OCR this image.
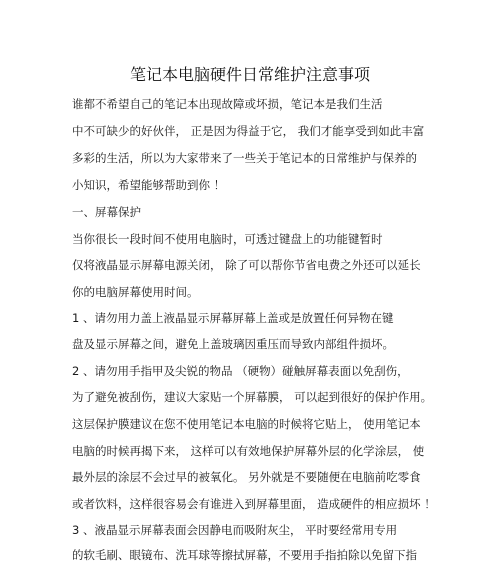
笔记本电脑硬件日常维护注意事项
谁都不希望自己的笔记本出现故障或坏损，笔记本是我们生活
中不可缺少的好伙伴， 正是因为得益于它， 我们才能享受到如此丰富
多彩的生活，所以为大家带来了一些关于笔记本的日常维护与保养的
小知识，希望能够帮助到你 ！
一、屏幕保护
当你很长一段时间不使用电脑时，可透过键盘上的功能键暂时
仅将液晶显示屏幕电源关闭， 除了可以帮你节省电费之外还可以延长
你的电脑屏幕使用时间。
1 、请勿用力盖上液晶显示屏幕屏幕上盖或是放置任何异物在键
盘及显示屏幕之间，避免上盖玻璃因重压而导致内部组件损坏。
2 、请勿用手指甲及尖锐的物品 （硬物）碰触屏幕表面以免刮伤，
为了避免被刮伤，建议大家贴一个屏幕膜， 可以起到很好的保护作用。
这层保护膜建议在您不使用笔记本电脑的时候将它贴上， 使用笔记本
电脑的时候再揭下来， 这样可以有效地保护屏幕外层的化学涂层， 使
最外层的涂层不会过早的被氧化。 另外就是不要随便在电脑前吃零食
或者饮料，这样很容易会有谁进入到屏幕里面， 造成硬件的相应损坏 ！
3 、液晶显示屏幕表面会因静电而吸附灰尘， 平时要经常用专用
的软毛刷、眼镜布、洗耳球等擦拭屏幕，不要用手指拍除以免留下指
